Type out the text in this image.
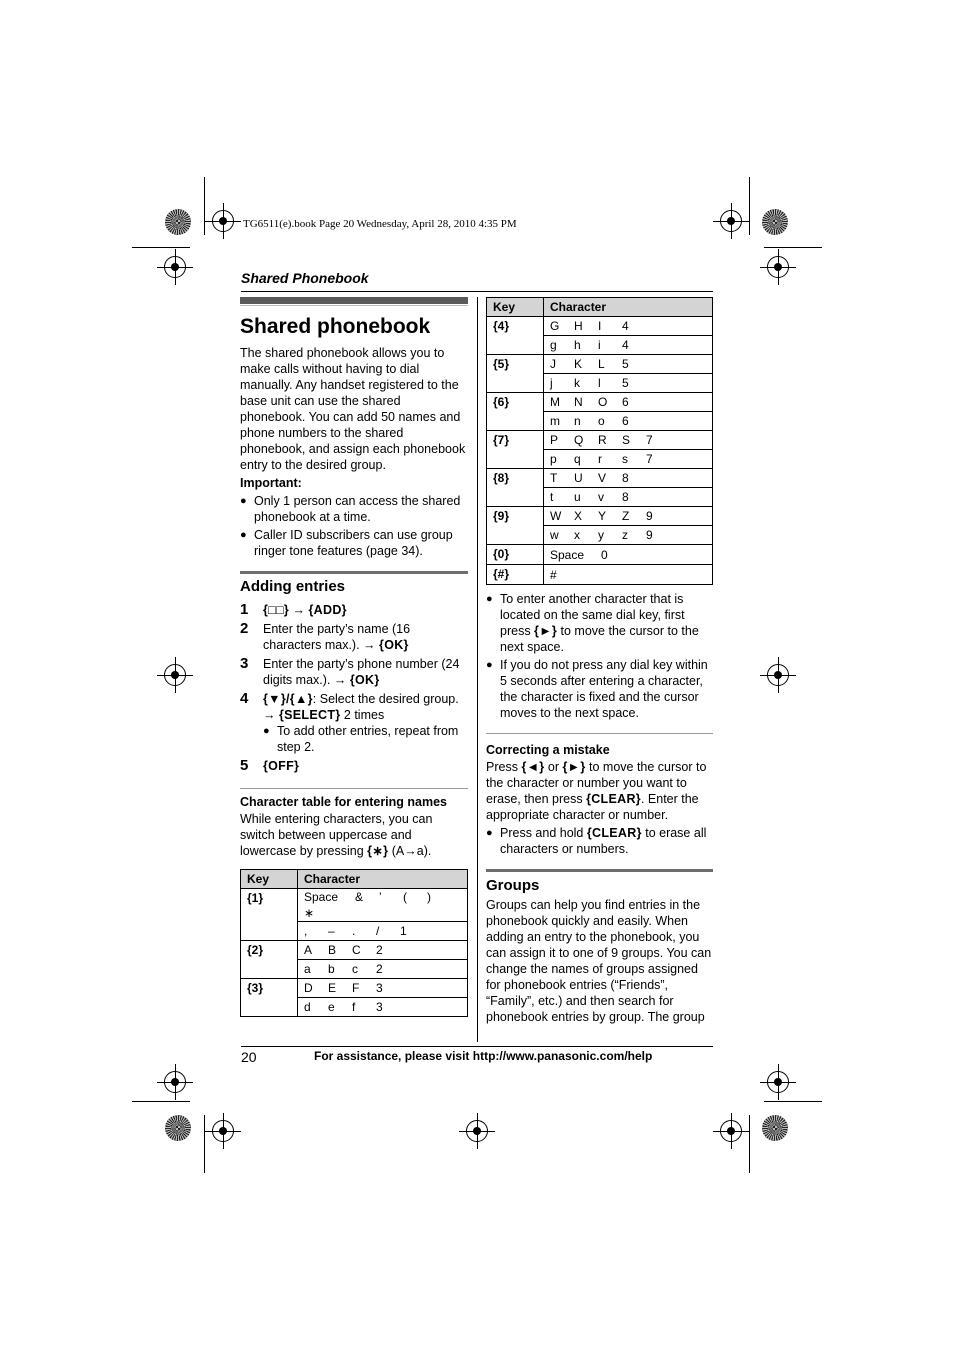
TG6511(e).book Page 20 Wednesday, April 28, 2010 4:35 PM
Shared Phonebook
Shared phonebook

The shared phonebook allows you to make calls without having to dial manually. Any handset registered to the base unit can use the shared phonebook. You can add 50 names and phone numbers to the shared phonebook, and assign each phonebook entry to the desired group.

Important:

● Only 1 person can access the shared phonebook at a time.
● Caller ID subscribers can use group ringer tone features (page 34).
Adding entries
1	{□□} → {ADD}
2	Enter the party’s name (16 characters max.). → {OK}
3	Enter the party’s phone number (24 digits max.). → {OK}
4	{▼}/{▲}: Select the desired group.
→ {SELECT} 2 times
● To add other entries, repeat from step 2.
5	{OFF}
Character table for entering names

While entering characters, you can switch between uppercase and lowercase by pressing {∗} (A→a).

Key	Character
{1}	Space & ’ ( )∗
	, – . / 1
{2}	A B C 2
	a b c 2
{3}	D E F 3
	d e f 3
Key	Character
{4}	G H I 4
	g h i 4
{5}	J K L 5
	j k l 5
{6}	M N O 6
	m n o 6
{7}	P Q R S 7
	p q r s 7
{8}	T U V 8
	t u v 8
{9}	W X Y Z 9
	w x y z 9
{0}	Space 0
{#}	#
● To enter another character that is located on the same dial key, first press {►} to move the cursor to the next space.
● If you do not press any dial key within 5 seconds after entering a character, the character is fixed and the cursor moves to the next space.
Correcting a mistake

Press {◄} or {►} to move the cursor to the character or number you want to erase, then press {CLEAR}. Enter the appropriate character or number.

● Press and hold {CLEAR} to erase all characters or numbers.
Groups

Groups can help you find entries in the phonebook quickly and easily. When adding an entry to the phonebook, you can assign it to one of 9 groups. You can change the names of groups assigned for phonebook entries (“Friends”, “Family”, etc.) and then search for phonebook entries by group. The group

20	For assistance, please visit http://www.panasonic.com/help
